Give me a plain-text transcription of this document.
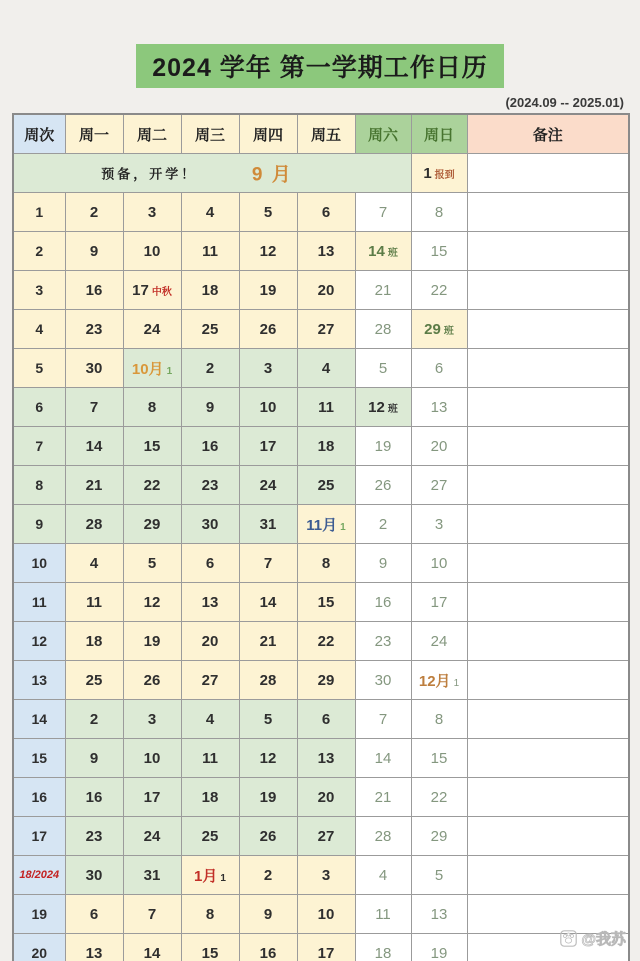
2024 学年 第一学期工作日历
(2024.09 -- 2025.01)
周次	周一	周二	周三	周四	周五	周六	周日	备注

预备，开学！ 9 月							1 报到	
1	2	3	4	5	6	7	8	
2	9	10	11	12	13	14 班	15	
3	16	17 中秋	18	19	20	21	22	
4	23	24	25	26	27	28	29 班	
5	30	10月 1	2	3	4	5	6	
6	7	8	9	10	11	12 班	13	
7	14	15	16	17	18	19	20	
8	21	22	23	24	25	26	27	
9	28	29	30	31	11月 1	2	3	
10	4	5	6	7	8	9	10	
11	11	12	13	14	15	16	17	
12	18	19	20	21	22	23	24	
13	25	26	27	28	29	30	12月 1	
14	2	3	4	5	6	7	8	
15	9	10	11	12	13	14	15	
16	16	17	18	19	20	21	22	
17	23	24	25	26	27	28	29	
18/2024	30	31	1月 1	2	3	4	5	
19	6	7	8	9	10	11	13	
20	13	14	15	16	17	18	19	
@我苏
